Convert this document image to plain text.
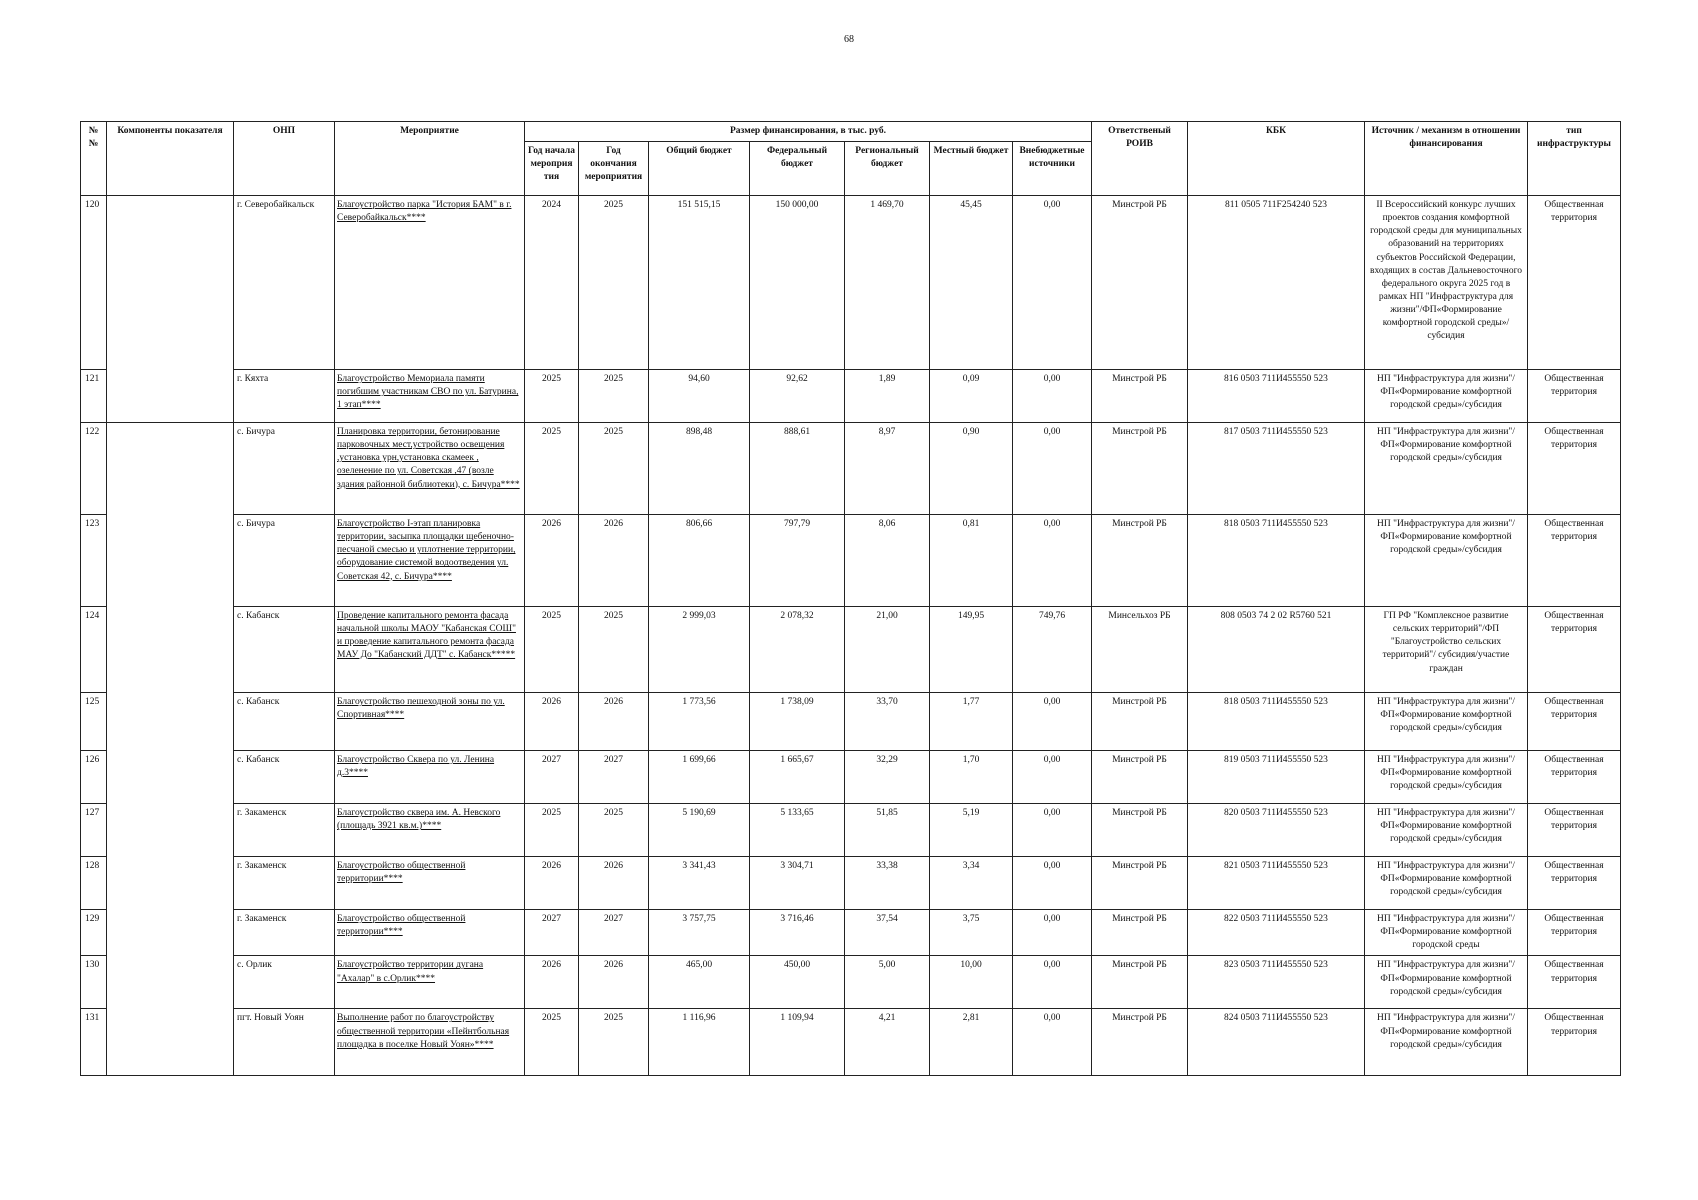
68
№№	Компоненты показателя	ОНП	Мероприятие	Размер финансирования, в тыс. руб.							Ответственый РОИВ	КБК	Источник / механизм в отношении финансирования	тип инфраструктуры
				Год начала мероприя тия	Год окончания мероприятия	Общий бюджет	Федеральный бюджет	Региональный бюджет	Местный бюджет	Внебюджетные источники				
120		г. Северобайкальск	Благоустройство парка "История БАМ" в г. Северобайкальск****	2024	2025	151 515,15	150 000,00	1 469,70	45,45	0,00	Минстрой РБ	811 0505 711F254240 523	II Всероссийский конкурс лучших проектов создания комфортной городской среды для муниципальных образований на территориях субъектов Российской Федерации, входящих в состав Дальневосточного федерального округа 2025 год в рамках НП "Инфраструктура для жизни"/ФП«Формирование комфортной городской среды»/субсидия	Общественная территория
121		г. Кяхта	Благоустройство Мемориала памяти погибшим участникам СВО по ул. Батурина, 1 этап****	2025	2025	94,60	92,62	1,89	0,09	0,00	Минстрой РБ	816 0503 711И455550 523	НП "Инфраструктура для жизни"/ФП«Формирование комфортной городской среды»/субсидия	Общественная территория
122		с. Бичура	Планировка территории, бетонирование парковочных мест,устройство освещения ,установка урн,установка скамеек , озеленение по ул. Советская ,47 (возле здания районной библиотеки), с. Бичура****	2025	2025	898,48	888,61	8,97	0,90	0,00	Минстрой РБ	817 0503 711И455550 523	НП "Инфраструктура для жизни"/ФП«Формирование комфортной городской среды»/субсидия	Общественная территория
123		с. Бичура	Благоустройство I-этап планировка территории, засыпка площадки щебеночно-песчаной смесью и уплотнение территории, оборудование системой водоотведения ул. Советская 42, с. Бичура****	2026	2026	806,66	797,79	8,06	0,81	0,00	Минстрой РБ	818 0503 711И455550 523	НП "Инфраструктура для жизни"/ФП«Формирование комфортной городской среды»/субсидия	Общественная территория
124		с. Кабанск	Проведение капитального ремонта фасада начальной школы МАОУ "Кабанская СОШ" и проведение капитального ремонта фасада МАУ До "Кабанский ДДТ" с. Кабанск*****	2025	2025	2 999,03	2 078,32	21,00	149,95	749,76	Минсельхоз РБ	808 0503 74 2 02 R5760 521	ГП РФ "Комплексное развитие сельских территорий"/ФП "Благоустройство сельских территорий"/ субсидия/участие граждан	Общественная территория
125		с. Кабанск	Благоустройство пешеходной зоны по ул. Спортивная****	2026	2026	1 773,56	1 738,09	33,70	1,77	0,00	Минстрой РБ	818 0503 711И455550 523	НП "Инфраструктура для жизни"/ФП«Формирование комфортной городской среды»/субсидия	Общественная территория
126		с. Кабанск	Благоустройство Сквера по ул. Ленина д.3****	2027	2027	1 699,66	1 665,67	32,29	1,70	0,00	Минстрой РБ	819 0503 711И455550 523	НП "Инфраструктура для жизни"/ФП«Формирование комфортной городской среды»/субсидия	Общественная территория
127		г. Закаменск	Благоустройство сквера им. А. Невского (площадь 3921 кв.м.)****	2025	2025	5 190,69	5 133,65	51,85	5,19	0,00	Минстрой РБ	820 0503 711И455550 523	НП "Инфраструктура для жизни"/ФП«Формирование комфортной городской среды»/субсидия	Общественная территория
128		г. Закаменск	Благоустройство общественной территории****	2026	2026	3 341,43	3 304,71	33,38	3,34	0,00	Минстрой РБ	821 0503 711И455550 523	НП "Инфраструктура для жизни"/ФП«Формирование комфортной городской среды»/субсидия	Общественная территория
129		г. Закаменск	Благоустройство общественной территории****	2027	2027	3 757,75	3 716,46	37,54	3,75	0,00	Минстрой РБ	822 0503 711И455550 523	НП "Инфраструктура для жизни"/ФП«Формирование комфортной городской среды	Общественная территория
130		с. Орлик	Благоустройство территории дугана "Ахалар" в с.Орлик****	2026	2026	465,00	450,00	5,00	10,00	0,00	Минстрой РБ	823 0503 711И455550 523	НП "Инфраструктура для жизни"/ФП«Формирование комфортной городской среды»/субсидия	Общественная территория
131		пгт. Новый Уоян	Выполнение работ по благоустройству общественной территории «Пейнтбольная площадка в поселке Новый Уоян»****	2025	2025	1 116,96	1 109,94	4,21	2,81	0,00	Минстрой РБ	824 0503 711И455550 523	НП "Инфраструктура для жизни"/ФП«Формирование комфортной городской среды»/субсидия	Общественная территория
